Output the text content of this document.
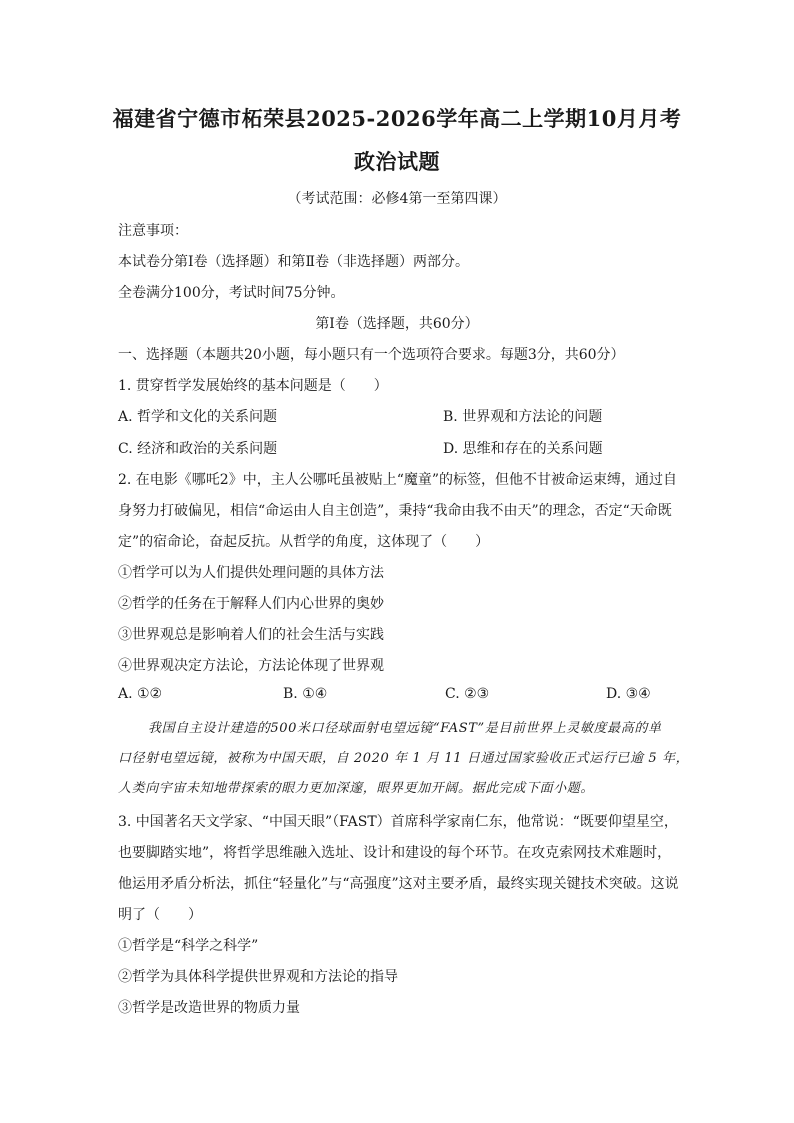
福建省宁德市柘荣县2025-2026学年高二上学期10月月考
政治试题
（考试范围：必修4第一至第四课）
注意事项：
本试卷分第Ⅰ卷（选择题）和第Ⅱ卷（非选择题）两部分。
全卷满分100分，考试时间75分钟。
第Ⅰ卷（选择题，共60分）
一、选择题（本题共20小题，每小题只有一个选项符合要求。每题3分，共60分）
1. 贯穿哲学发展始终的基本问题是（　　）
A. 哲学和文化的关系问题	B. 世界观和方法论的问题
C. 经济和政治的关系问题	D. 思维和存在的关系问题
2. 在电影《哪吒2》中，主人公哪吒虽被贴上“魔童”的标签，但他不甘被命运束缚，通过自
身努力打破偏见，相信“命运由人自主创造”，秉持“我命由我不由天”的理念，否定“天命既
定”的宿命论，奋起反抗。从哲学的角度，这体现了（　　）
①哲学可以为人们提供处理问题的具体方法
②哲学的任务在于解释人们内心世界的奥妙
③世界观总是影响着人们的社会生活与实践
④世界观决定方法论，方法论体现了世界观
A. ①②	B. ①④	C. ②③	D. ③④
我国自主设计建造的500米口径球面射电望远镜“FAST”是目前世界上灵敏度最高的单
口径射电望远镜，被称为中国天眼，自 2020 年 1 月 11 日通过国家验收正式运行已逾 5 年，
人类向宇宙未知地带探索的眼力更加深邃，眼界更加开阔。据此完成下面小题。
3. 中国著名天文学家、“中国天眼”（FAST）首席科学家南仁东，他常说：“既要仰望星空，
也要脚踏实地”，将哲学思维融入选址、设计和建设的每个环节。在攻克索网技术难题时，
他运用矛盾分析法，抓住“轻量化”与“高强度”这对主要矛盾，最终实现关键技术突破。这说
明了（　　）
①哲学是“科学之科学”
②哲学为具体科学提供世界观和方法论的指导
③哲学是改造世界的物质力量
